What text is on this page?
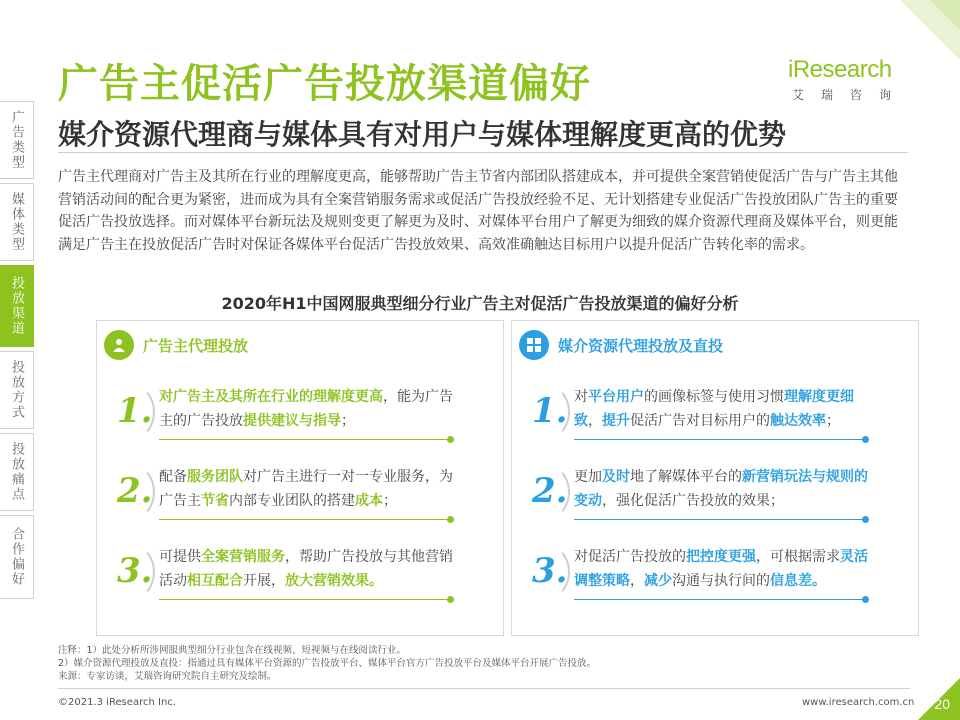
广告主促活广告投放渠道偏好	iResearch
艾瑞咨询
媒介资源代理商与媒体具有对用户与媒体理解度更高的优势
广告类型
媒体类型
投放渠道
投放方式
投放痛点
合作偏好
广告主代理商对广告主及其所在行业的理解度更高，能够帮助广告主节省内部团队搭建成本，并可提供全案营销使促活广告与广告主其他营销活动间的配合更为紧密，进而成为具有全案营销服务需求或促活广告投放经验不足、无计划搭建专业促活广告投放团队广告主的重要促活广告投放选择。而对媒体平台新玩法及规则变更了解更为及时、对媒体平台用户了解更为细致的媒介资源代理商及媒体平台，则更能满足广告主在投放促活广告时对保证各媒体平台促活广告投放效果、高效准确触达目标用户以提升促活广告转化率的需求。
2020年H1中国网服典型细分行业广告主对促活广告投放渠道的偏好分析
广告主代理投放
1. 对广告主及其所在行业的理解度更高，能为广告主的广告投放提供建议与指导；
2. 配备服务团队对广告主进行一对一专业服务，为广告主节省内部专业团队的搭建成本；
3. 可提供全案营销服务，帮助广告投放与其他营销活动相互配合开展，放大营销效果。
媒介资源代理投放及直投
1. 对平台用户的画像标签与使用习惯理解度更细致，提升促活广告对目标用户的触达效率；
2. 更加及时地了解媒体平台的新营销玩法与规则的变动，强化促活广告投放的效果；
3. 对促活广告投放的把控度更强，可根据需求灵活调整策略，减少沟通与执行间的信息差。
注释：1）此处分析所涉网服典型细分行业包含在线视频、短视频与在线阅读行业。
2）媒介资源代理投放及直投：指通过具有媒体平台资源的广告投放平台、媒体平台官方广告投放平台及媒体平台开展广告投放。
来源：专家访谈，艾瑞咨询研究院自主研究及绘制。
©2021.3 iResearch Inc.	www.iresearch.com.cn 20
